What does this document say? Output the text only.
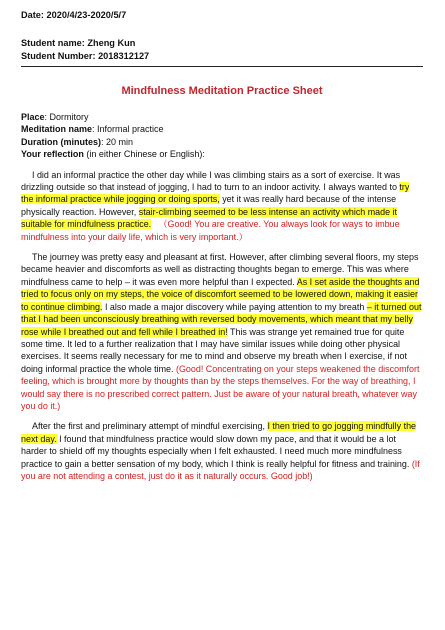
Date: 2020/4/23-2020/5/7
Student name: Zheng Kun
Student Number: 2018312127
Mindfulness Meditation Practice Sheet
Place: Dormitory
Meditation name: Informal practice
Duration (minutes): 20 min
Your reflection (in either Chinese or English):

I did an informal practice the other day while I was climbing stairs as a sort of exercise. It was drizzling outside so that instead of jogging, I had to turn to an indoor activity. I always wanted to try the informal practice while jogging or doing sports, yet it was really hard because of the intense physically reaction. However, stair-climbing seemed to be less intense an activity which made it suitable for mindfulness practice. （Good! You are creative. You always look for ways to imbue mindfulness into your daily life, which is very important.）

The journey was pretty easy and pleasant at first. However, after climbing several floors, my steps became heavier and discomforts as well as distracting thoughts began to emerge. This was where mindfulness came to help – it was even more helpful than I expected. As I set aside the thoughts and tried to focus only on my steps, the voice of discomfort seemed to be lowered down, making it easier to continue climbing. I also made a major discovery while paying attention to my breath – it turned out that I had been unconsciously breathing with reversed body movements, which meant that my belly rose while I breathed out and fell while I breathed in! This was strange yet remained true for quite some time. It led to a further realization that I may have similar issues while doing other physical exercises. It seems really necessary for me to mind and observe my breath when I exercise, if not doing informal practice the whole time. (Good! Concentrating on your steps weakened the discomfort feeling, which is brought more by thoughts than by the steps themselves. For the way of breathing, I would say there is no prescribed correct pattern. Just be aware of your natural breath, whatever way you do it.)

After the first and preliminary attempt of mindful exercising, I then tried to go jogging mindfully the next day. I found that mindfulness practice would slow down my pace, and that it would be a lot harder to shield off my thoughts especially when I felt exhausted. I need much more mindfulness practice to gain a better sensation of my body, which I think is really helpful for fitness and training. (If you are not attending a contest, just do it as it naturally occurs. Good job!)
